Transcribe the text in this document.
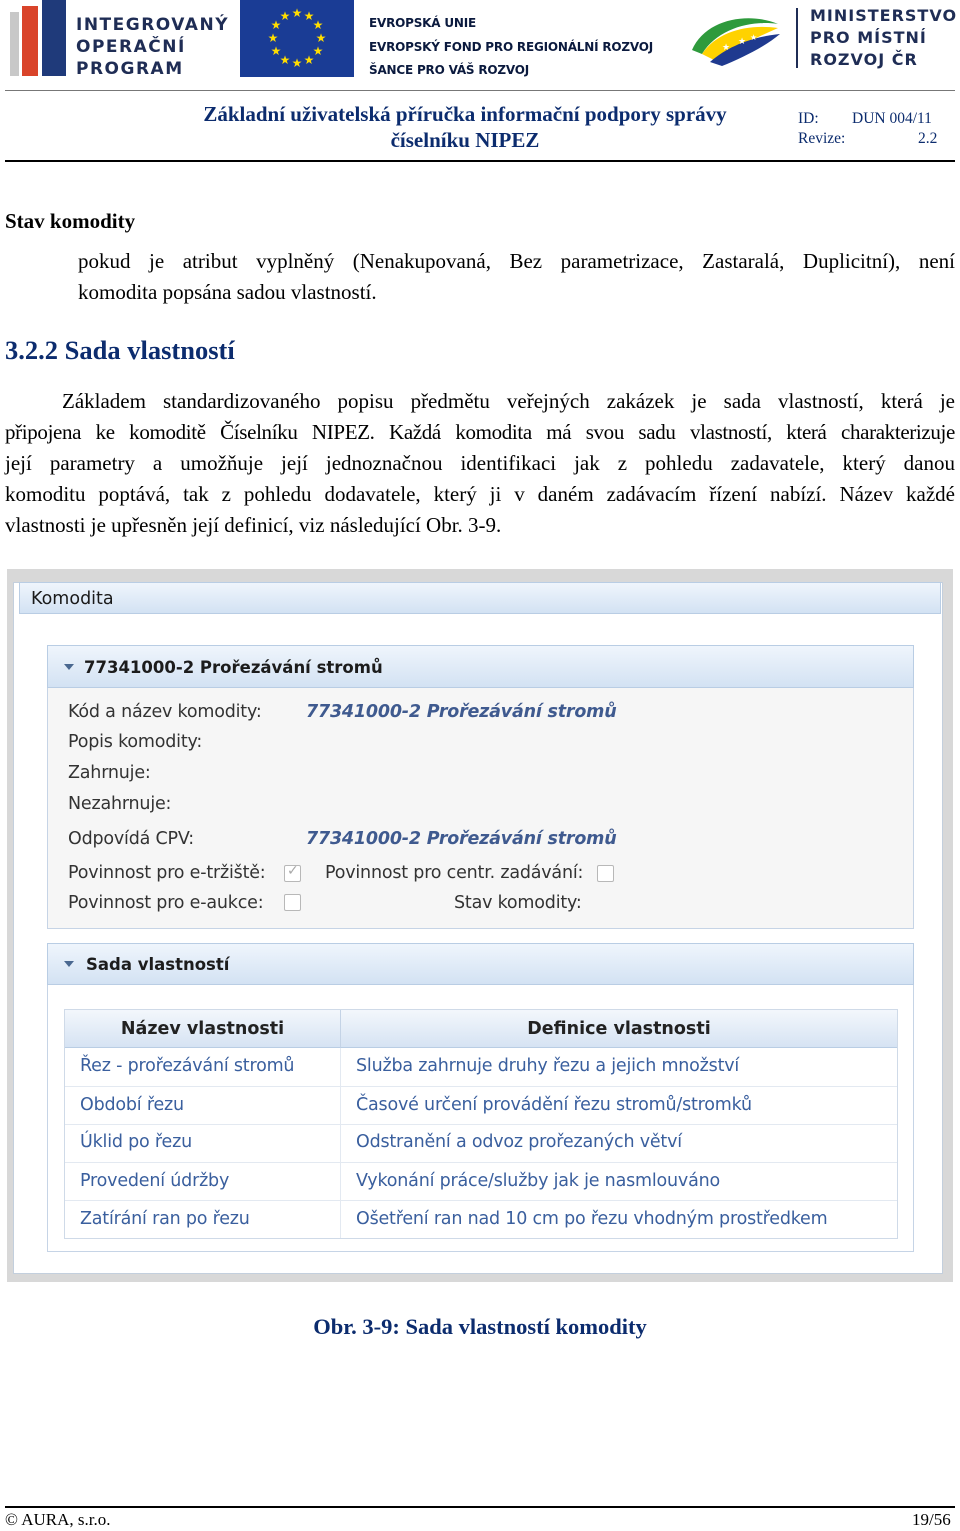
INTEGROVANÝ
OPERAČNÍ
PROGRAM
★ ★
★
★
★
★
★
★
★
★
★
★	EVROPSKÁ UNIE
EVROPSKÝ FOND PRO REGIONÁLNÍ ROZVOJ
ŠANCE PRO VÁŠ ROZVOJ
★
★ ★
MINISTERSTVO
PRO MÍSTNÍ
ROZVOJ ČR
Základní uživatelská příručka informační podpory správy
číselníku NIPEZ
ID: DUN 004/11
Revize:	2.2
Stav komodity
pokud je atribut vyplněný (Nenakupovaná, Bez parametrizace, Zastaralá, Duplicitní), není
komodita popsána sadou vlastností.
3.2.2 Sada vlastností
Základem standardizovaného popisu předmětu veřejných zakázek je sada vlastností, která je
připojena ke komoditě Číselníku NIPEZ. Každá komodita má svou sadu vlastností, která charakterizuje
její parametry a umožňuje její jednoznačnou identifikaci jak z pohledu zadavatele, který danou
komoditu poptává, tak z pohledu dodavatele, který ji v daném zadávacím řízení nabízí. Název každé
vlastnosti je upřesněn její definicí, viz následující Obr. 3-9.
Komodita
77341000-2 Prořezávání stromů
Kód a název komodity:	77341000-2 Prořezávání stromů
Popis komodity:
Zahrnuje:
Nezahrnuje:
Odpovídá CPV:	77341000-2 Prořezávání stromů
Povinnost pro e-tržiště: ✓ Povinnost pro centr. zadávání:
Povinnost pro e-aukce:	Stav komodity:
Sada vlastností
Název vlastnosti	Definice vlastnosti
Řez - prořezávání stromů	Služba zahrnuje druhy řezu a jejich množství
Období řezu	Časové určení provádění řezu stromů/stromků
Úklid po řezu	Odstranění a odvoz prořezaných větví
Provedení údržby	Vykonání práce/služby jak je nasmlouváno
Zatírání ran po řezu	Ošetření ran nad 10 cm po řezu vhodným prostředkem
Obr. 3-9: Sada vlastností komodity
© AURA, s.r.o.	19/56
